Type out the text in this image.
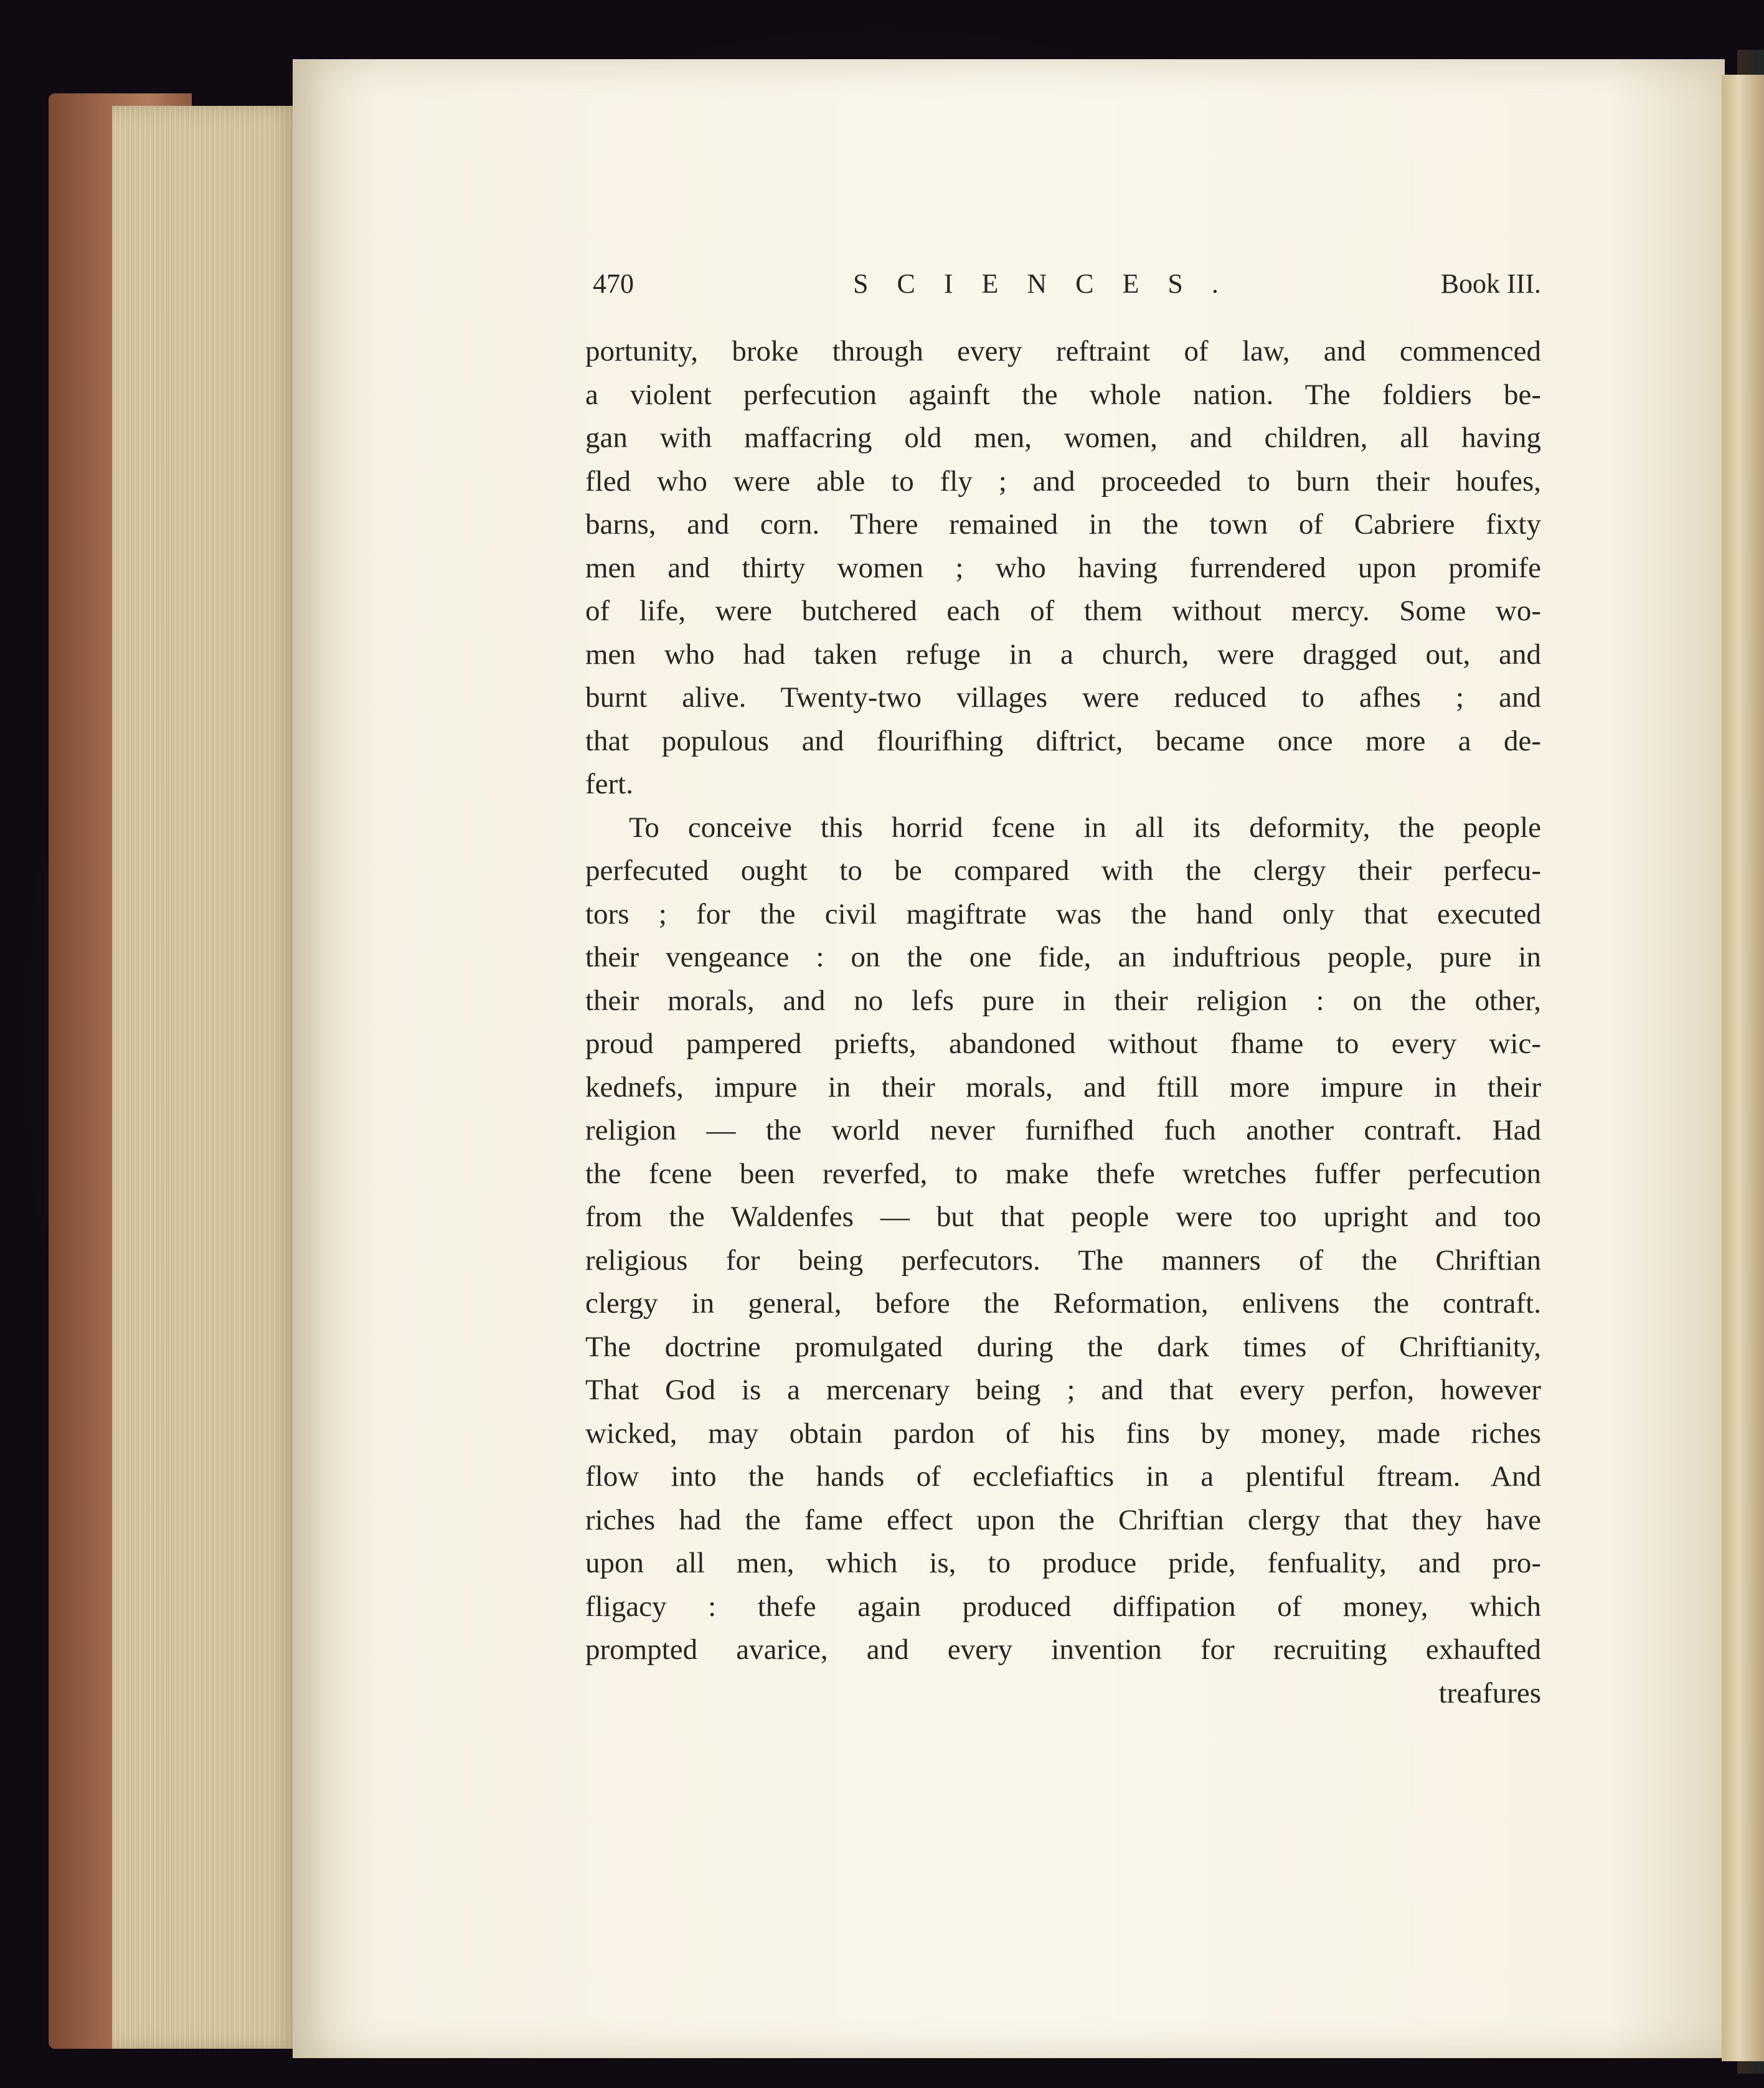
470	SCIENCES.	Book III.
portunity, broke through every reftraint of law, and commenced
a violent perfecution againft the whole nation. The foldiers be-
gan with maffacring old men, women, and children, all having
fled who were able to fly ; and proceeded to burn their houfes,
barns, and corn. There remained in the town of Cabriere fixty
men and thirty women ; who having furrendered upon promife
of life, were butchered each of them without mercy. Some wo-
men who had taken refuge in a church, were dragged out, and
burnt alive. Twenty-two villages were reduced to afhes ; and
that populous and flourifhing diftrict, became once more a de-
fert.
To conceive this horrid fcene in all its deformity, the people
perfecuted ought to be compared with the clergy their perfecu-
tors ; for the civil magiftrate was the hand only that executed
their vengeance : on the one fide, an induftrious people, pure in
their morals, and no lefs pure in their religion : on the other,
proud pampered priefts, abandoned without fhame to every wic-
kednefs, impure in their morals, and ftill more impure in their
religion — the world never furnifhed fuch another contraft. Had
the fcene been reverfed, to make thefe wretches fuffer perfecution
from the Waldenfes — but that people were too upright and too
religious for being perfecutors. The manners of the Chriftian
clergy in general, before the Reformation, enlivens the contraft.
The doctrine promulgated during the dark times of Chriftianity,
That God is a mercenary being ; and that every perfon, however
wicked, may obtain pardon of his fins by money, made riches
flow into the hands of ecclefiaftics in a plentiful ftream. And
riches had the fame effect upon the Chriftian clergy that they have
upon all men, which is, to produce pride, fenfuality, and pro-
fligacy : thefe again produced diffipation of money, which
prompted avarice, and every invention for recruiting exhaufted
treafures
